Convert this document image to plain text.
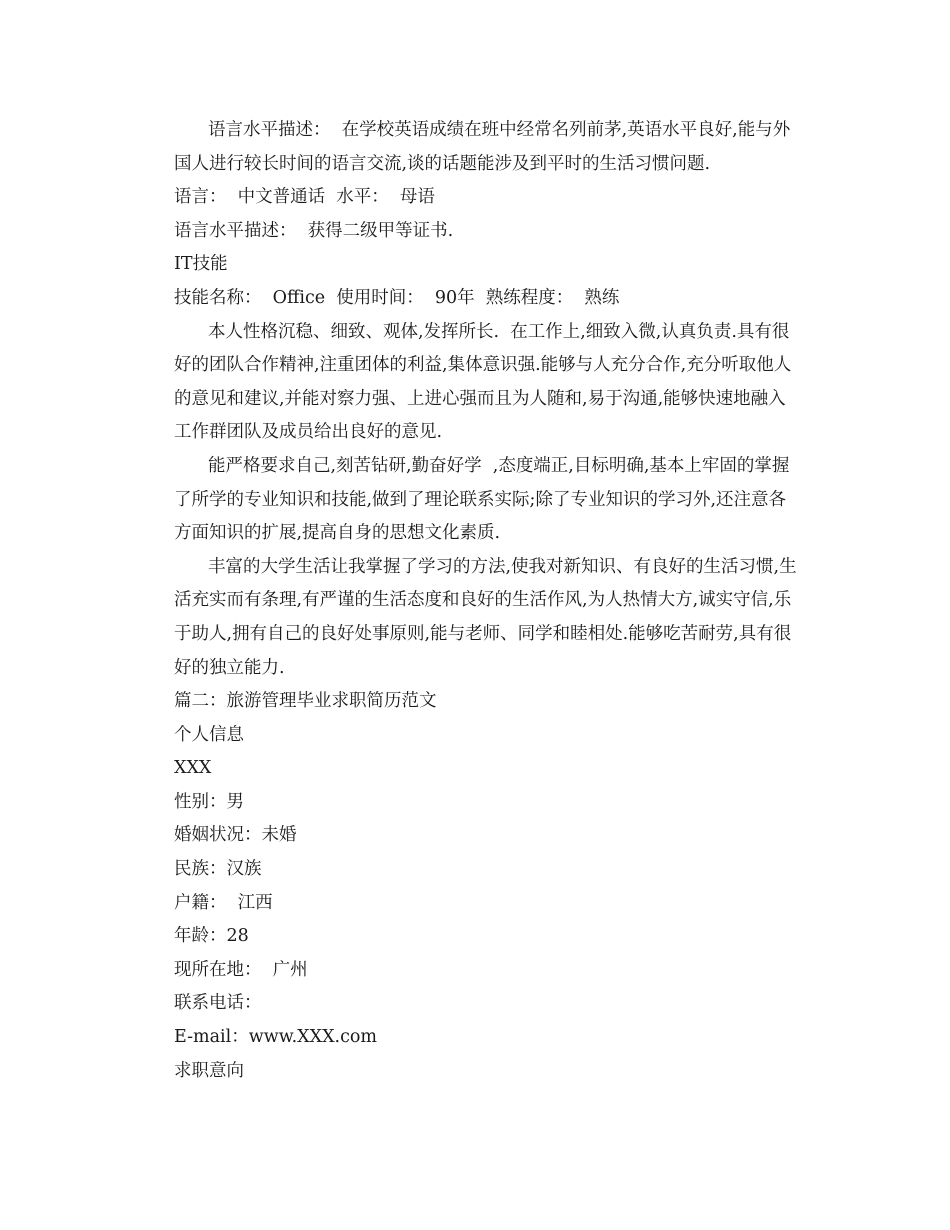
语言水平描述：  在学校英语成绩在班中经常名列前茅,英语水平良好,能与外
国人进行较长时间的语言交流,谈的话题能涉及到平时的生活习惯问题.

语言：  中文普通话  水平：  母语

语言水平描述：  获得二级甲等证书.

IT技能

技能名称：  Office  使用时间：  90年  熟练程度：  熟练

本人性格沉稳、细致、观体,发挥所长.  在工作上,细致入微,认真负责.具有很
好的团队合作精神,注重团体的利益,集体意识强.能够与人充分合作,充分听取他人
的意见和建议,并能对察力强、上进心强而且为人随和,易于沟通,能够快速地融入
工作群团队及成员给出良好的意见.

能严格要求自己,刻苦钻研,勤奋好学  ,态度端正,目标明确,基本上牢固的掌握
了所学的专业知识和技能,做到了理论联系实际;除了专业知识的学习外,还注意各
方面知识的扩展,提高自身的思想文化素质.

丰富的大学生活让我掌握了学习的方法,使我对新知识、有良好的生活习惯,生
活充实而有条理,有严谨的生活态度和良好的生活作风,为人热情大方,诚实守信,乐
于助人,拥有自己的良好处事原则,能与老师、同学和睦相处.能够吃苦耐劳,具有很
好的独立能力.

篇二：旅游管理毕业求职简历范文

个人信息

XXX

性别：男

婚姻状况：未婚

民族：汉族

户籍：  江西

年龄：28

现所在地：  广州

联系电话：

E-mail：www.XXX.com

求职意向
